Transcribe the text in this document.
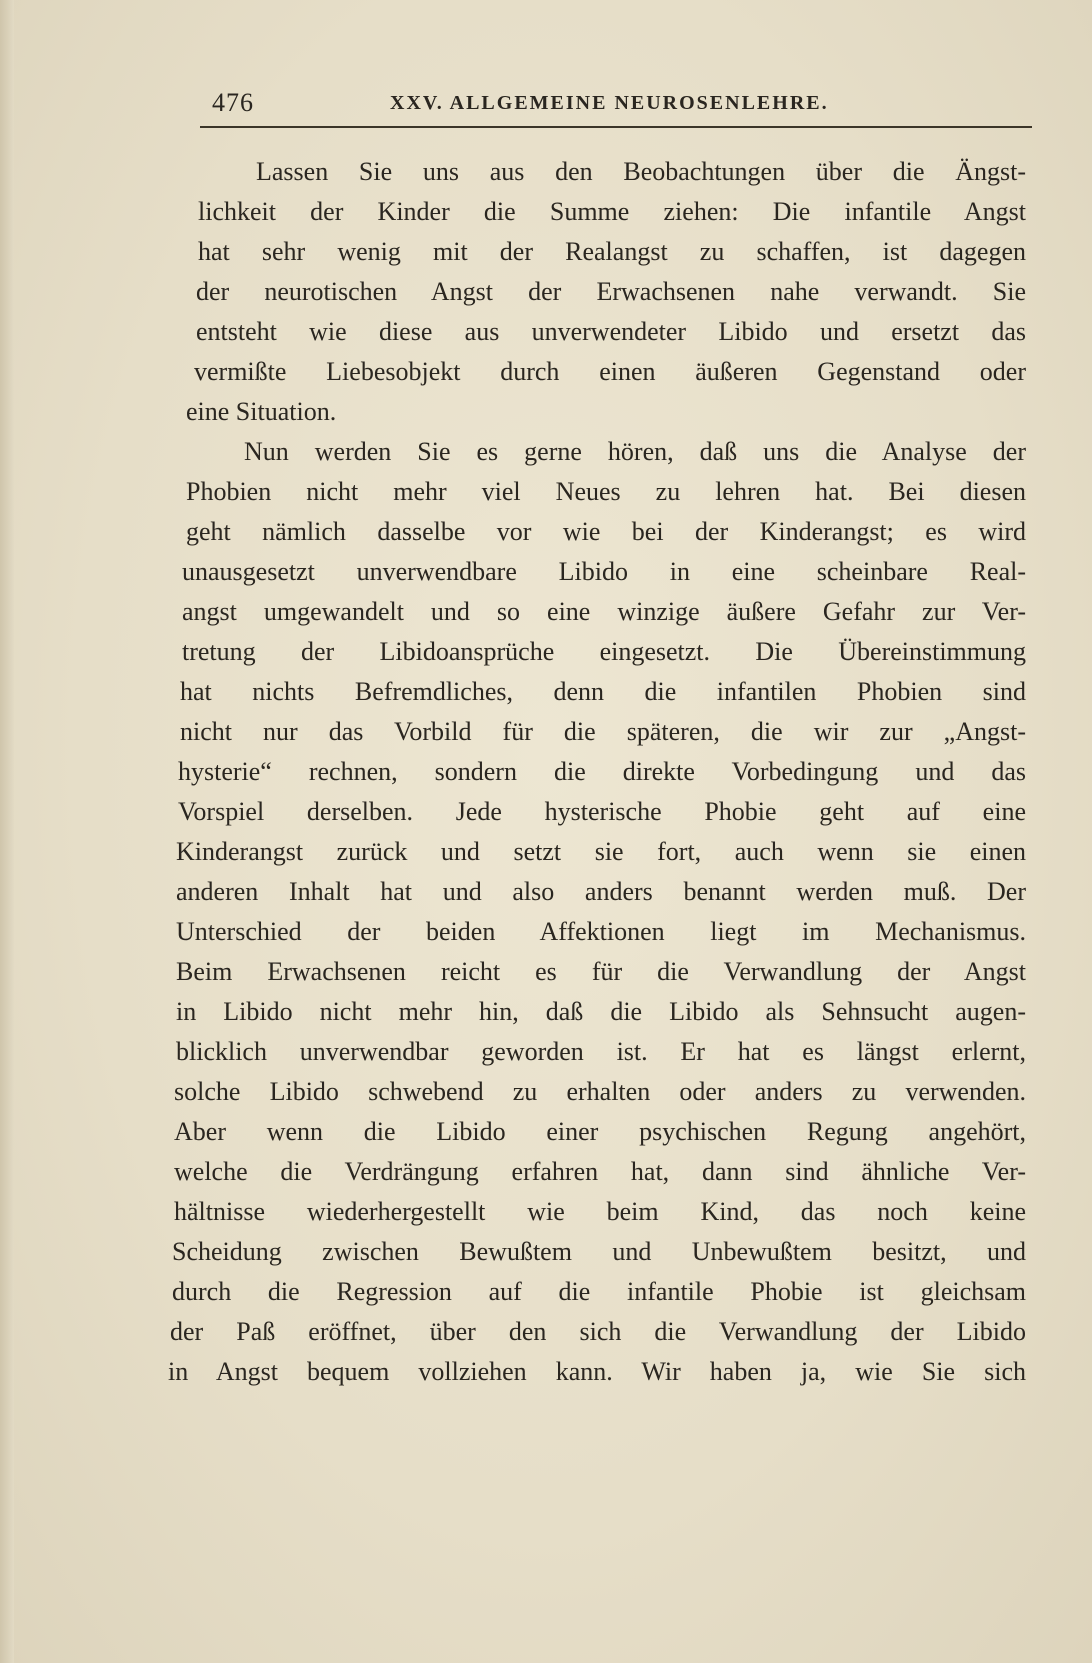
476	XXV. ALLGEMEINE NEUROSENLEHRE.
Lassen Sie uns aus den Beobachtungen über die Ängst-
lichkeit der Kinder die Summe ziehen: Die infantile Angst
hat sehr wenig mit der Realangst zu schaffen, ist dagegen
der neurotischen Angst der Erwachsenen nahe verwandt. Sie
entsteht wie diese aus unverwendeter Libido und ersetzt das
vermißte Liebesobjekt durch einen äußeren Gegenstand oder
eine Situation.
Nun werden Sie es gerne hören, daß uns die Analyse der
Phobien nicht mehr viel Neues zu lehren hat. Bei diesen
geht nämlich dasselbe vor wie bei der Kinderangst; es wird
unausgesetzt unverwendbare Libido in eine scheinbare Real-
angst umgewandelt und so eine winzige äußere Gefahr zur Ver-
tretung der Libidoansprüche eingesetzt. Die Übereinstimmung
hat nichts Befremdliches, denn die infantilen Phobien sind
nicht nur das Vorbild für die späteren, die wir zur „Angst-
hysterie“ rechnen, sondern die direkte Vorbedingung und das
Vorspiel derselben. Jede hysterische Phobie geht auf eine
Kinderangst zurück und setzt sie fort, auch wenn sie einen
anderen Inhalt hat und also anders benannt werden muß. Der
Unterschied der beiden Affektionen liegt im Mechanismus.
Beim Erwachsenen reicht es für die Verwandlung der Angst
in Libido nicht mehr hin, daß die Libido als Sehnsucht augen-
blicklich unverwendbar geworden ist. Er hat es längst erlernt,
solche Libido schwebend zu erhalten oder anders zu verwenden.
Aber wenn die Libido einer psychischen Regung angehört,
welche die Verdrängung erfahren hat, dann sind ähnliche Ver-
hältnisse wiederhergestellt wie beim Kind, das noch keine
Scheidung zwischen Bewußtem und Unbewußtem besitzt, und
durch die Regression auf die infantile Phobie ist gleichsam
der Paß eröffnet, über den sich die Verwandlung der Libido
in Angst bequem vollziehen kann. Wir haben ja, wie Sie sich
